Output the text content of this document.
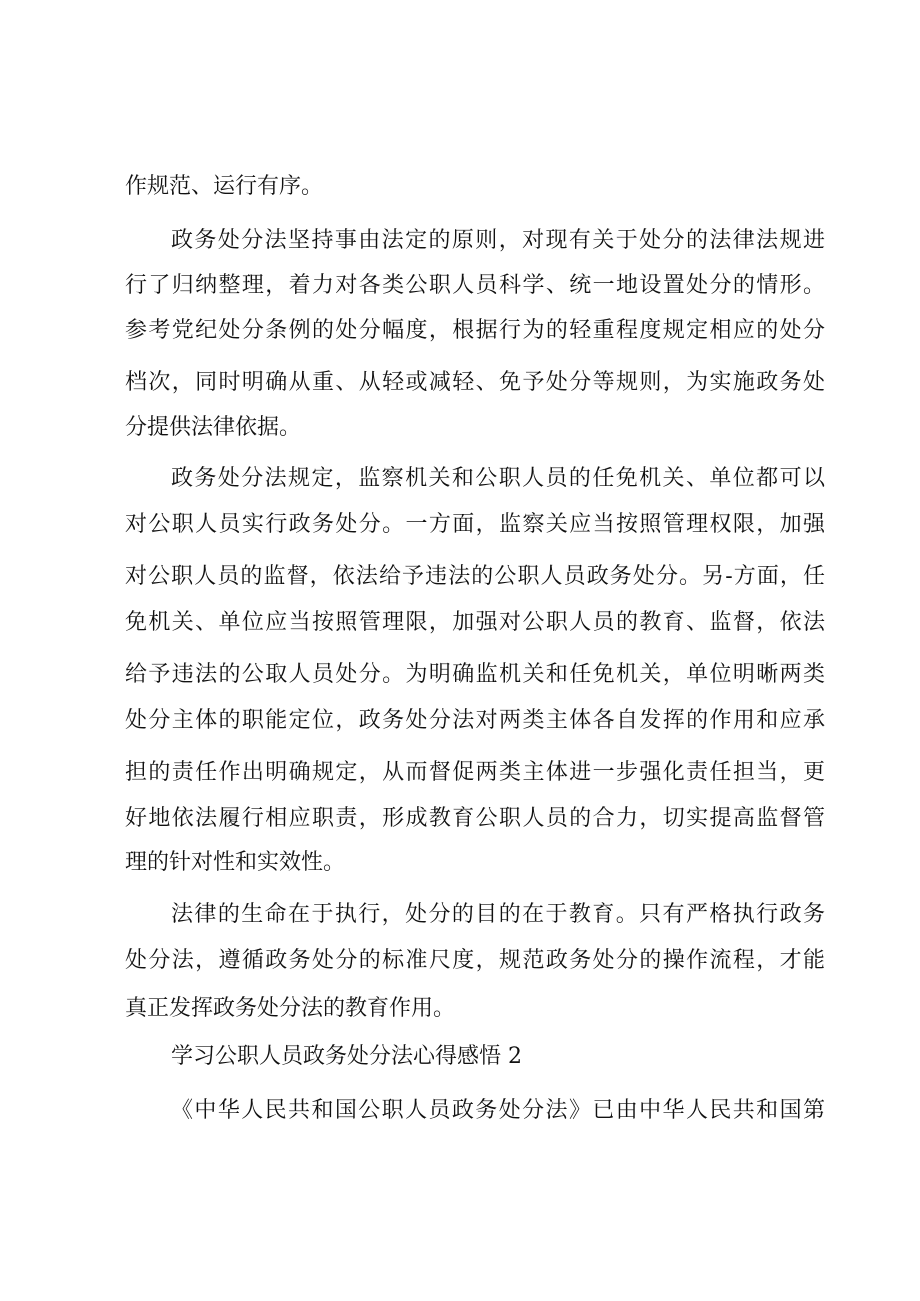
作规范、运行有序。
政务处分法坚持事由法定的原则，对现有关于处分的法律法规进
行了归纳整理，着力对各类公职人员科学、统一地设置处分的情形。
参考党纪处分条例的处分幅度，根据行为的轻重程度规定相应的处分
档次，同时明确从重、从轻或减轻、免予处分等规则，为实施政务处
分提供法律依据。
政务处分法规定，监察机关和公职人员的任免机关、单位都可以
对公职人员实行政务处分。一方面，监察关应当按照管理权限，加强
对公职人员的监督，依法给予违法的公职人员政务处分。另-方面，任
免机关、单位应当按照管理限，加强对公职人员的教育、监督，依法
给予违法的公取人员处分。为明确监机关和任免机关，单位明晰两类
处分主体的职能定位，政务处分法对两类主体各自发挥的作用和应承
担的责任作出明确规定，从而督促两类主体进一步强化责任担当，更
好地依法履行相应职责，形成教育公职人员的合力，切实提高监督管
理的针对性和实效性。
法律的生命在于执行，处分的目的在于教育。只有严格执行政务
处分法，遵循政务处分的标准尺度，规范政务处分的操作流程，才能
真正发挥政务处分法的教育作用。
学习公职人员政务处分法心得感悟 2
《中华人民共和国公职人员政务处分法》已由中华人民共和国第
